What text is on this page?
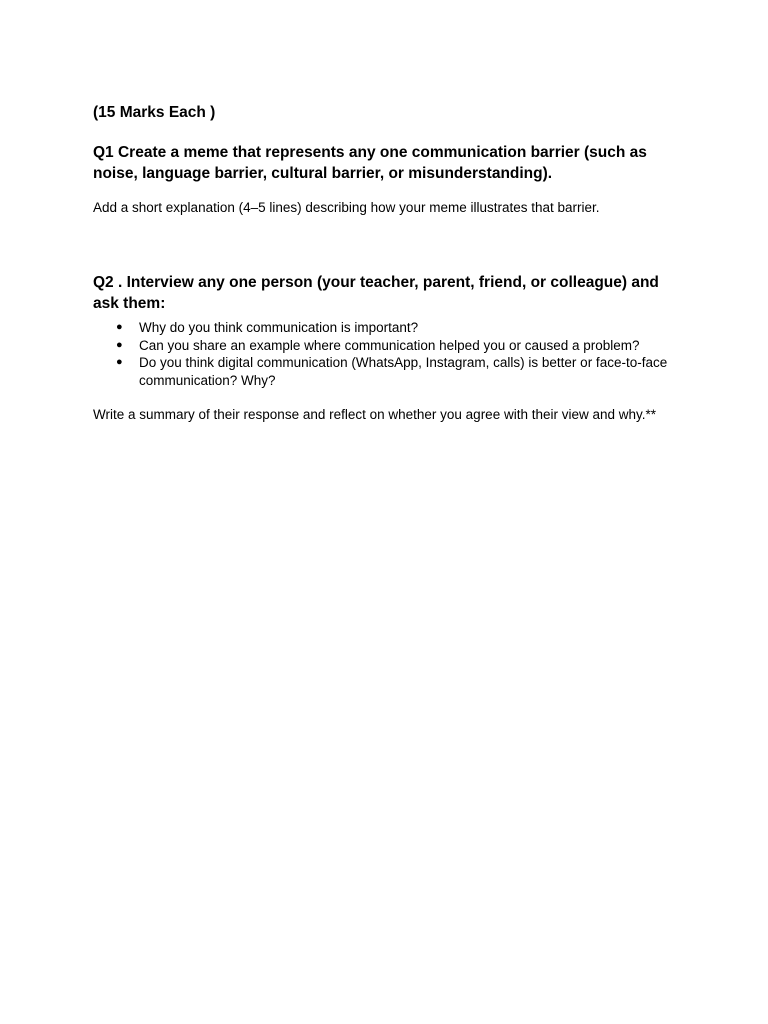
(15 Marks Each )

Q1 Create a meme that represents any one communication barrier (such as noise, language barrier, cultural barrier, or misunderstanding).

Add a short explanation (4–5 lines) describing how your meme illustrates that barrier.

Q2 . Interview any one person (your teacher, parent, friend, or colleague) and ask them:

● Why do you think communication is important?
● Can you share an example where communication helped you or caused a problem?
● Do you think digital communication (WhatsApp, Instagram, calls) is better or face-to-face communication? Why?

Write a summary of their response and reflect on whether you agree with their view and why.**
